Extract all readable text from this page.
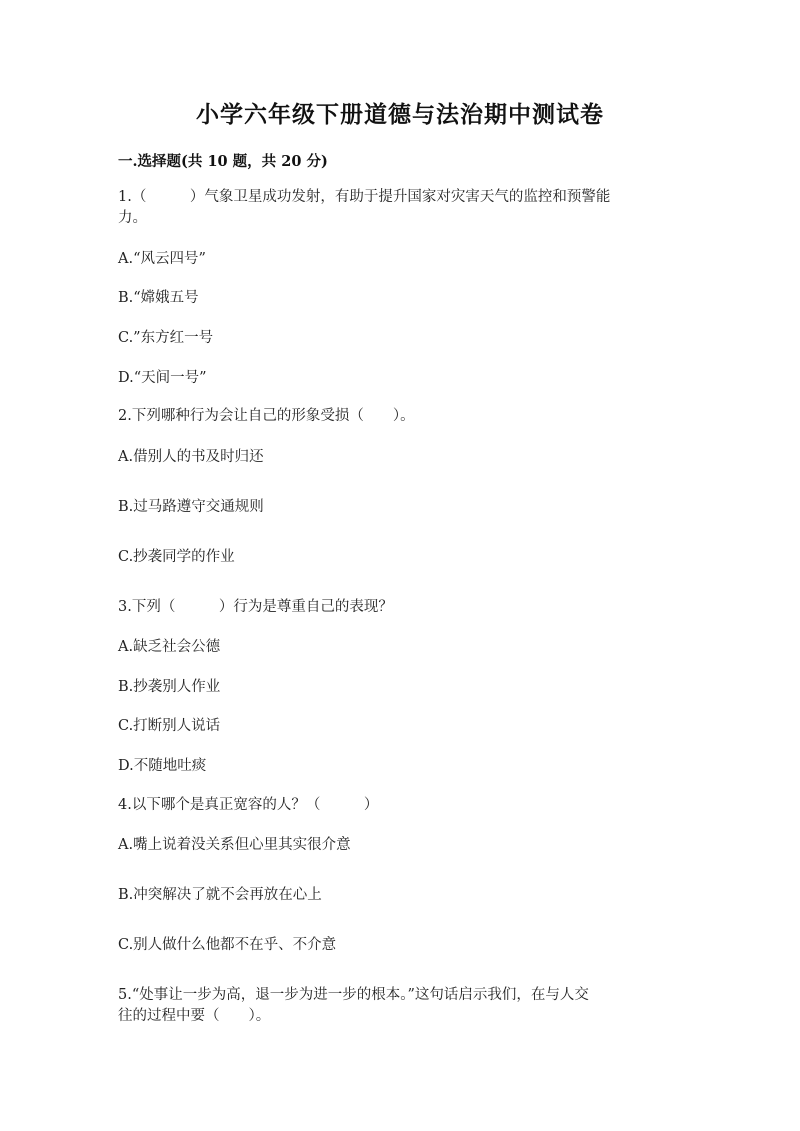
小学六年级下册道德与法治期中测试卷
一.选择题(共 10 题，共 20 分)
1.（　　　）气象卫星成功发射，有助于提升国家对灾害天气的监控和预警能
力。
A.“风云四号”
B.“嫦娥五号
C.”东方红一号
D.“天间一号”
2.下列哪种行为会让自己的形象受损（　　）。
A.借别人的书及时归还
B.过马路遵守交通规则
C.抄袭同学的作业
3.下列（　　　）行为是尊重自己的表现？
A.缺乏社会公德
B.抄袭别人作业
C.打断别人说话
D.不随地吐痰
4.以下哪个是真正宽容的人？（　　　）
A.嘴上说着没关系但心里其实很介意
B.冲突解决了就不会再放在心上
C.别人做什么他都不在乎、不介意
5.“处事让一步为高，退一步为进一步的根本。”这句话启示我们，在与人交
往的过程中要（　　）。
